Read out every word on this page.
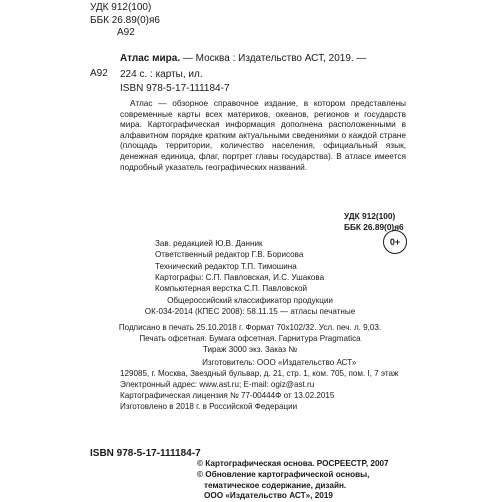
УДК 912(100)
ББК 26.89(0)я6
A92
Атлас мира. — Москва : Издательство АСТ, 2019. —
A92 224 с. : карты, ил.
ISBN 978-5-17-111184-7

Атлас — обзорное справочное издание, в котором представлены современные карты всех материков, океанов, регионов и государств мира. Картографическая информация дополнена расположенными в алфавитном порядке кратким актуальными сведениями о каждой стране (площадь территории, количество населения, официальный язык, денежная единица, флаг, портрет главы государства). В атласе имеется подробный указатель географических названий.

УДК 912(100)
ББК 26.89(0)я6
Зав. редакцией Ю.В. Данник
Ответственный редактор Г.В. Борисова
Технический редактор Т.П. Тимошина
Картографы: С.П. Павловская, И.С. Ушакова
Компьютерная верстка С.П. Павловской
0+
Общероссийский классификатор продукции
ОК-034-2014 (КПЕС 2008): 58.11.15 — атласы печатные
Подписано в печать 25.10.2018 г. Формат 70x102/32. Усл. печ. л. 9,03.
Печать офсетная. Бумага офсетная. Гарнитура Pragmatica
Тираж 3000 экз. Заказ №
Изготовитель: ООО «Издательство АСТ»
129085, г. Москва, Звездный бульвар, д. 21, стр. 1, ком. 705, пом. I, 7 этаж
Электронный адрес: www.ast.ru; E-mail: ogiz@ast.ru
Картографическая лицензия № 77-00444Ф от 13.02.2015
Изготовлено в 2018 г. в Российской Федерации
ISBN 978-5-17-111184-7
© Картографическая основа. РОСРЕЕСТР, 2007
© Обновление картографической основы,
тематическое содержание, дизайн.
ООО «Издательство АСТ», 2019
